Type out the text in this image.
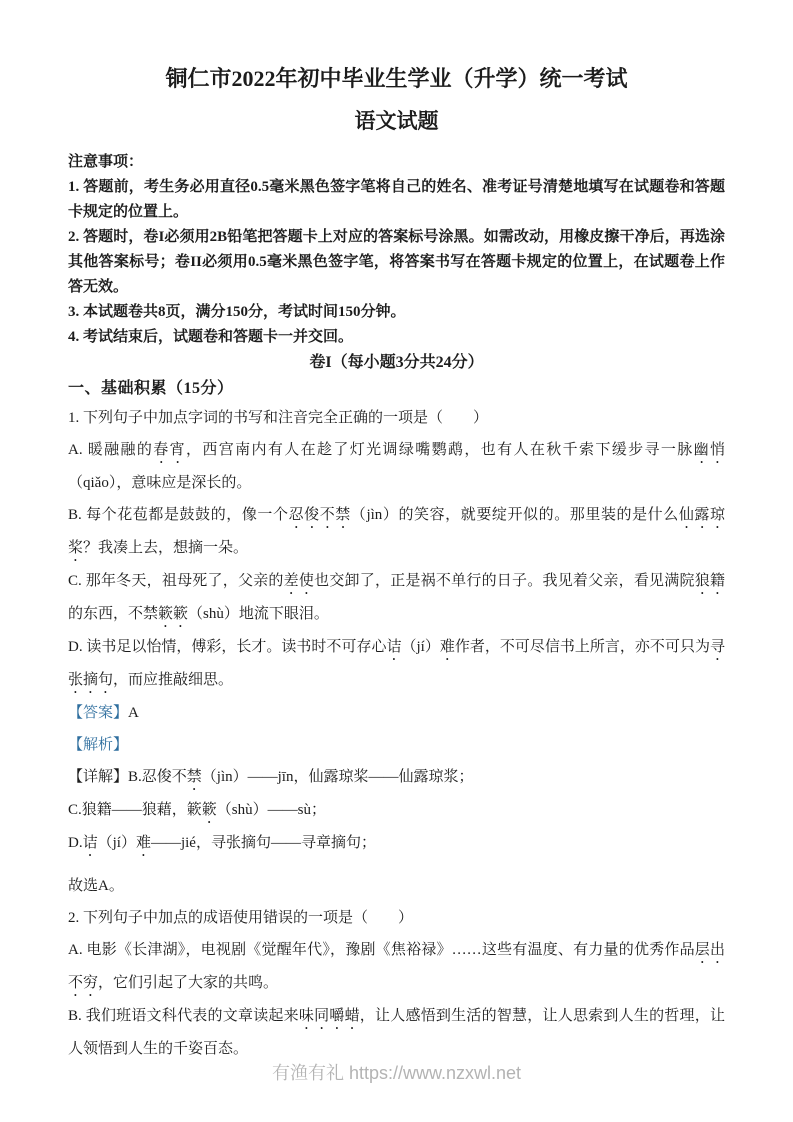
铜仁市2022年初中毕业生学业（升学）统一考试
语文试题

注意事项：

1. 答题前，考生务必用直径0.5毫米黑色签字笔将自己的姓名、准考证号清楚地填写在试题卷和答题卡规定的位置上。

2. 答题时，卷I必须用2B铅笔把答题卡上对应的答案标号涂黑。如需改动，用橡皮擦干净后，再选涂其他答案标号；卷II必须用0.5毫米黑色签字笔，将答案书写在答题卡规定的位置上，在试题卷上作答无效。

3. 本试题卷共8页，满分150分，考试时间150分钟。

4. 考试结束后，试题卷和答题卡一并交回。

卷I（每小题3分共24分）

一、基础积累（15分）

1. 下列句子中加点字词的书写和注音完全正确的一项是（　　）

A. 暖融融的春宵，西宫南内有人在趁了灯光调绿嘴鹦鹉，也有人在秋千索下缓步寻一脉幽悄（qiǎo），意味应是深长的。

B. 每个花苞都是鼓鼓的，像一个忍俊不禁（jìn）的笑容，就要绽开似的。那里装的是什么仙露琼桨？我凑上去，想摘一朵。

C. 那年冬天，祖母死了，父亲的差使也交卸了，正是祸不单行的日子。我见着父亲，看见满院狼籍的东西，不禁簌簌（shù）地流下眼泪。

D. 读书足以怡情，傅彩，长才。读书时不可存心诘（jí）难作者，不可尽信书上所言，亦不可只为寻张摘句，而应推敲细思。

【答案】A

【解析】

【详解】B.忍俊不禁（jìn）——jīn，仙露琼桨——仙露琼浆；

C.狼籍——狼藉，簌簌（shù）——sù；

D.诘（jí）难——jié，寻张摘句——寻章摘句；

故选A。

2. 下列句子中加点的成语使用错误的一项是（　　）

A. 电影《长津湖》，电视剧《觉醒年代》，豫剧《焦裕禄》……这些有温度、有力量的优秀作品层出不穷，它们引起了大家的共鸣。

B. 我们班语文科代表的文章读起来味同嚼蜡，让人感悟到生活的智慧，让人思索到人生的哲理，让人领悟到人生的千姿百态。

有渔有礼 https://www.nzxwl.net
